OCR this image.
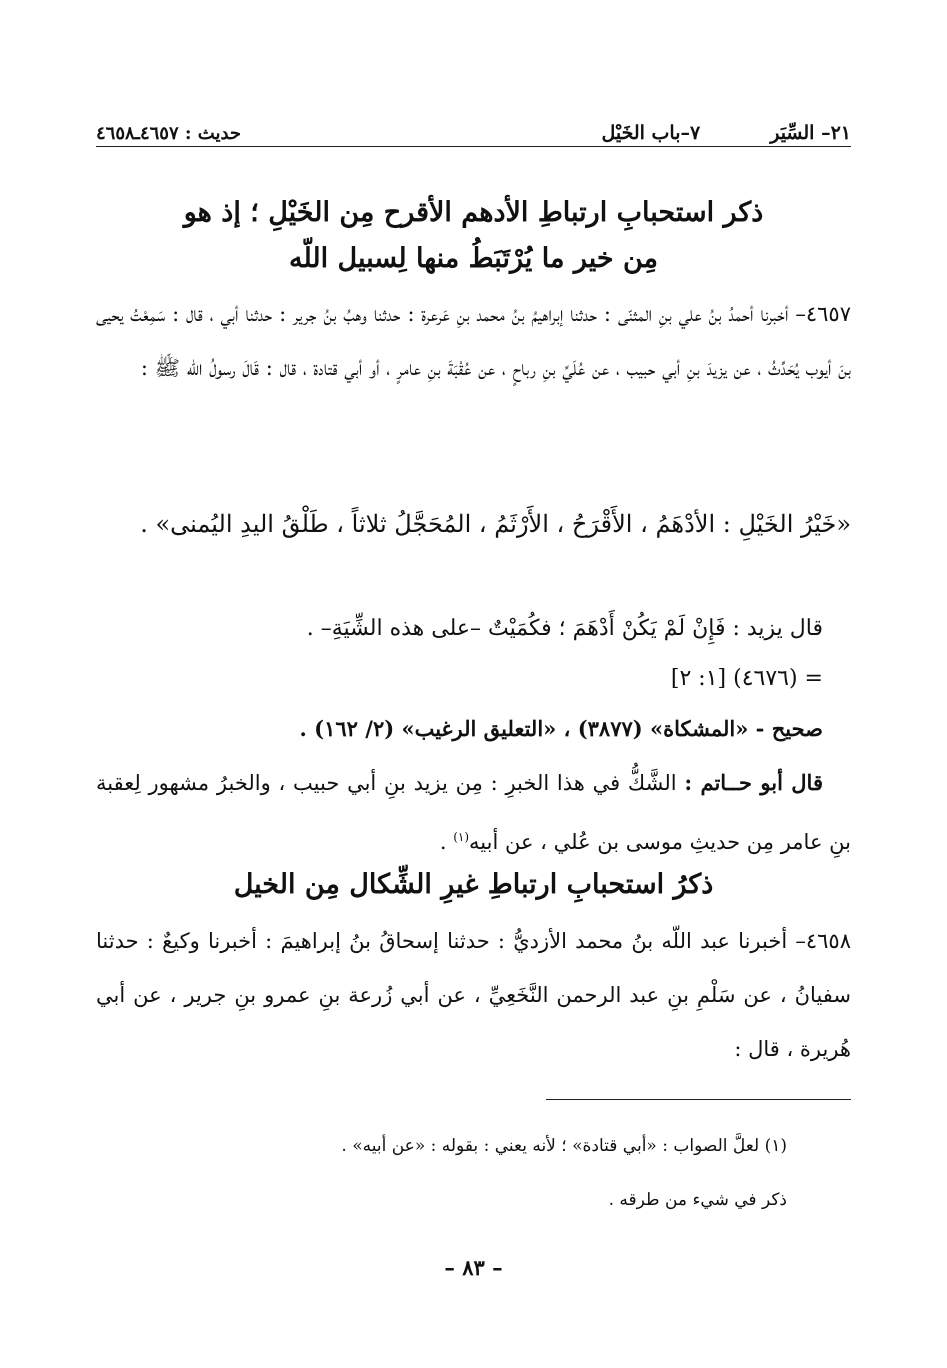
٢١– السِّيَر
٧–باب الخَيْل
حديث : ٤٦٥٧ـ٤٦٥٨
ذكر استحبابِ ارتباطِ الأدهم الأقرح مِن الخَيْلِ ؛ إذ هو
مِن خير ما يُرْتَبَطُ منها لِسبيل اللّه
٤٦٥٧– أخبرنا أحمدُ بنُ علي بنِ المثنّى : حدثنا إبراهيمُ بنُ محمد بنِ عَرعرة : حدثنا وهبُ بنُ جرير : حدثنا أبي ، قال : سَمِعْتُ يحيى بنَ أيوب يُحَدِّثُ ، عن يزيدَ بنِ أبي حبيب ، عن عُلَيِّ بنِ رباحٍ ، عن عُقْبَةَ بنِ عامرٍ ، أو أبي قتادة ، قال : قَالَ رسولُ اللّه ﷺ :
«خَيْرُ الخَيْلِ : الأدْهَمُ ، الأَقْرَحُ ، الأَرْثَمُ ، المُحَجَّلُ ثلاثاً ، طَلْقُ اليدِ اليُمنى» .
قال يزيد : فَإِنْ لَمْ يَكُنْ أَدْهَمَ ؛ فكُمَيْتٌ –على هذه الشِّيَةِ– .
= (٤٦٧٦) [١: ٢]
صحيح - «المشكاة» (٣٨٧٧) ، «التعليق الرغيب» (٢/ ١٦٢) .
قال أبو حــاتم : الشَّكُّ في هذا الخبرِ : مِن يزيد بنِ أبي حبيب ، والخبرُ مشهور لِعقبة بنِ عامر مِن حديثِ موسى بن عُلي ، عن أبيه$^{(١)}$ .
ذكرُ استحبابِ ارتباطِ غيرِ الشِّكال مِن الخيل
٤٦٥٨– أخبرنا عبد اللّه بنُ محمد الأزديُّ : حدثنا إسحاقُ بنُ إبراهيمَ : أخبرنا وكيعٌ : حدثنا سفيانُ ، عن سَلْمِ بنِ عبد الرحمن النَّخَعِيِّ ، عن أبي زُرعة بنِ عمرو بنِ جرير ، عن أبي هُريرة ، قال :
(١) لعلَّ الصواب : «أبي قتادة» ؛ لأنه يعني : بقوله : «عن أبيه» .
ذكر في شيء من طرقه .
– ٨٣ –
